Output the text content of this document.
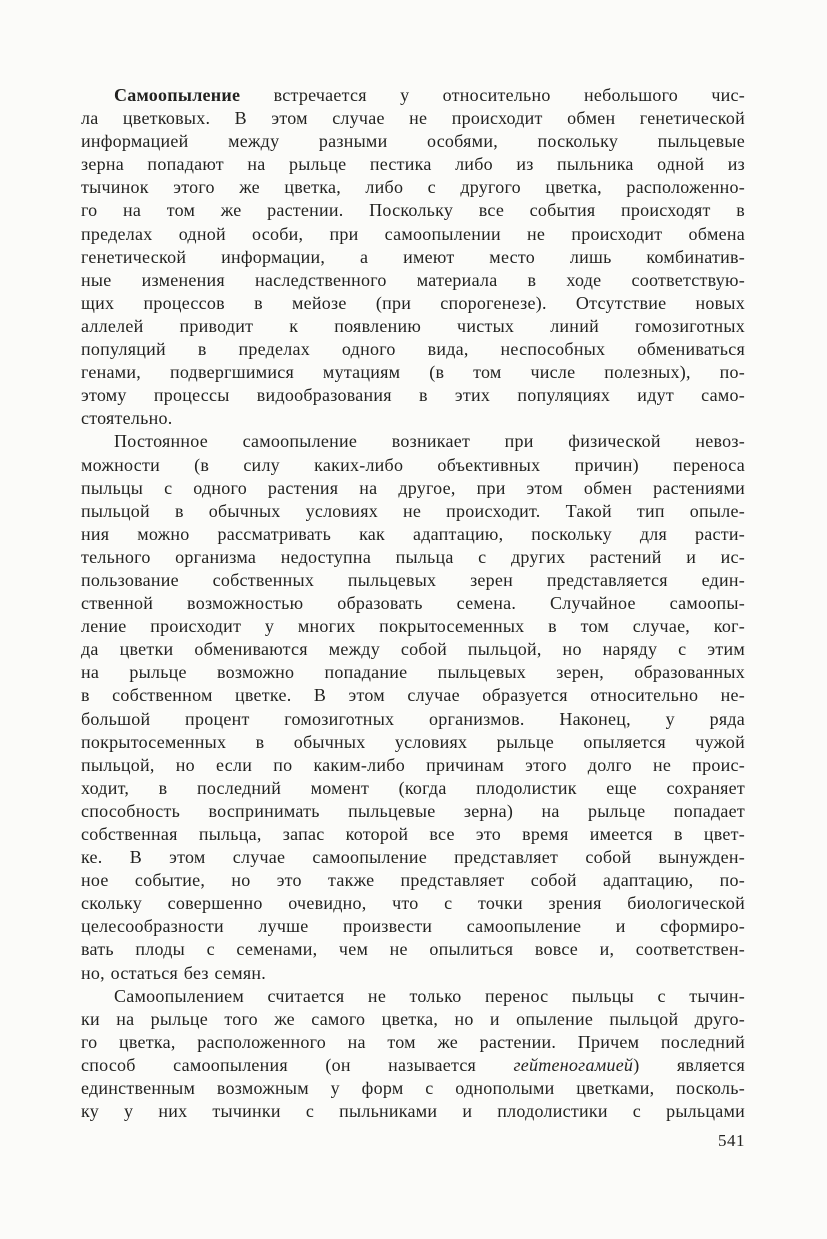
Самоопыление встречается у относительно небольшого чис-
ла цветковых. В этом случае не происходит обмен генетической
информацией между разными особями, поскольку пыльцевые
зерна попадают на рыльце пестика либо из пыльника одной из
тычинок этого же цветка, либо с другого цветка, расположенно-
го на том же растении. Поскольку все события происходят в
пределах одной особи, при самоопылении не происходит обмена
генетической информации, а имеют место лишь комбинатив-
ные изменения наследственного материала в ходе соответствую-
щих процессов в мейозе (при спорогенезе). Отсутствие новых
аллелей приводит к появлению чистых линий гомозиготных
популяций в пределах одного вида, неспособных обмениваться
генами, подвергшимися мутациям (в том числе полезных), по-
этому процессы видообразования в этих популяциях идут само-
стоятельно.
Постоянное самоопыление возникает при физической невоз-
можности (в силу каких-либо объективных причин) переноса
пыльцы с одного растения на другое, при этом обмен растениями
пыльцой в обычных условиях не происходит. Такой тип опыле-
ния можно рассматривать как адаптацию, поскольку для расти-
тельного организма недоступна пыльца с других растений и ис-
пользование собственных пыльцевых зерен представляется един-
ственной возможностью образовать семена. Случайное самоопы-
ление происходит у многих покрытосеменных в том случае, ког-
да цветки обмениваются между собой пыльцой, но наряду с этим
на рыльце возможно попадание пыльцевых зерен, образованных
в собственном цветке. В этом случае образуется относительно не-
большой процент гомозиготных организмов. Наконец, у ряда
покрытосеменных в обычных условиях рыльце опыляется чужой
пыльцой, но если по каким-либо причинам этого долго не проис-
ходит, в последний момент (когда плодолистик еще сохраняет
способность воспринимать пыльцевые зерна) на рыльце попадает
собственная пыльца, запас которой все это время имеется в цвет-
ке. В этом случае самоопыление представляет собой вынужден-
ное событие, но это также представляет собой адаптацию, по-
скольку совершенно очевидно, что с точки зрения биологической
целесообразности лучше произвести самоопыление и сформиро-
вать плоды с семенами, чем не опылиться вовсе и, соответствен-
но, остаться без семян.
Самоопылением считается не только перенос пыльцы с тычин-
ки на рыльце того же самого цветка, но и опыление пыльцой друго-
го цветка, расположенного на том же растении. Причем последний
способ самоопыления (он называется гейтеногамией) является
единственным возможным у форм с однополыми цветками, посколь-
ку у них тычинки с пыльниками и плодолистики с рыльцами
541
